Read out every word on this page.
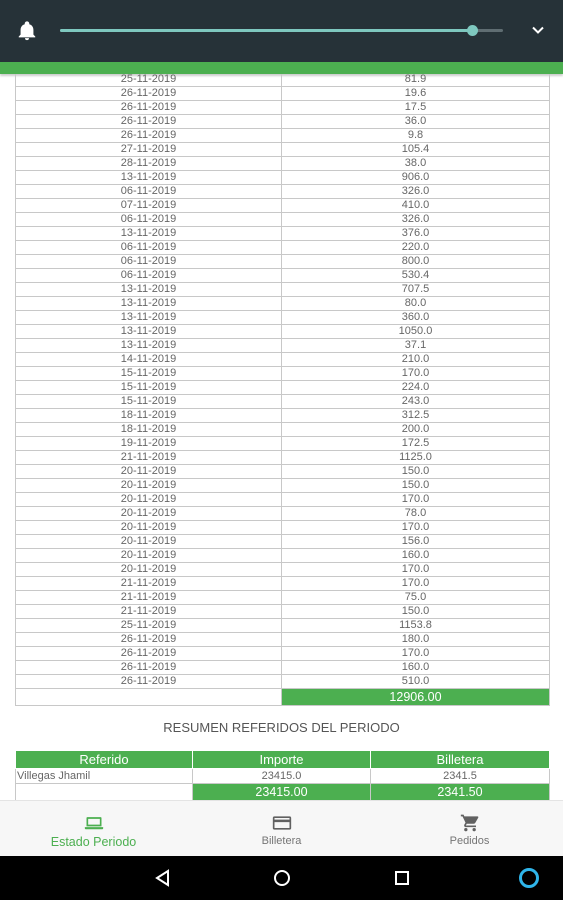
25-11-2019	81.9
26-11-2019	19.6
26-11-2019	17.5
26-11-2019	36.0
26-11-2019	9.8
27-11-2019	105.4
28-11-2019	38.0
13-11-2019	906.0
06-11-2019	326.0
07-11-2019	410.0
06-11-2019	326.0
13-11-2019	376.0
06-11-2019	220.0
06-11-2019	800.0
06-11-2019	530.4
13-11-2019	707.5
13-11-2019	80.0
13-11-2019	360.0
13-11-2019	1050.0
13-11-2019	37.1
14-11-2019	210.0
15-11-2019	170.0
15-11-2019	224.0
15-11-2019	243.0
18-11-2019	312.5
18-11-2019	200.0
19-11-2019	172.5
21-11-2019	1125.0
20-11-2019	150.0
20-11-2019	150.0
20-11-2019	170.0
20-11-2019	78.0
20-11-2019	170.0
20-11-2019	156.0
20-11-2019	160.0
20-11-2019	170.0
21-11-2019	170.0
21-11-2019	75.0
21-11-2019	150.0
25-11-2019	1153.8
26-11-2019	180.0
26-11-2019	170.0
26-11-2019	160.0
26-11-2019	510.0
	12906.00
RESUMEN REFERIDOS DEL PERIODO
Referido	Importe	Billetera
Villegas Jhamil	23415.0	2341.5
	23415.00	2341.50
Estado Periodo	Billetera	Pedidos
